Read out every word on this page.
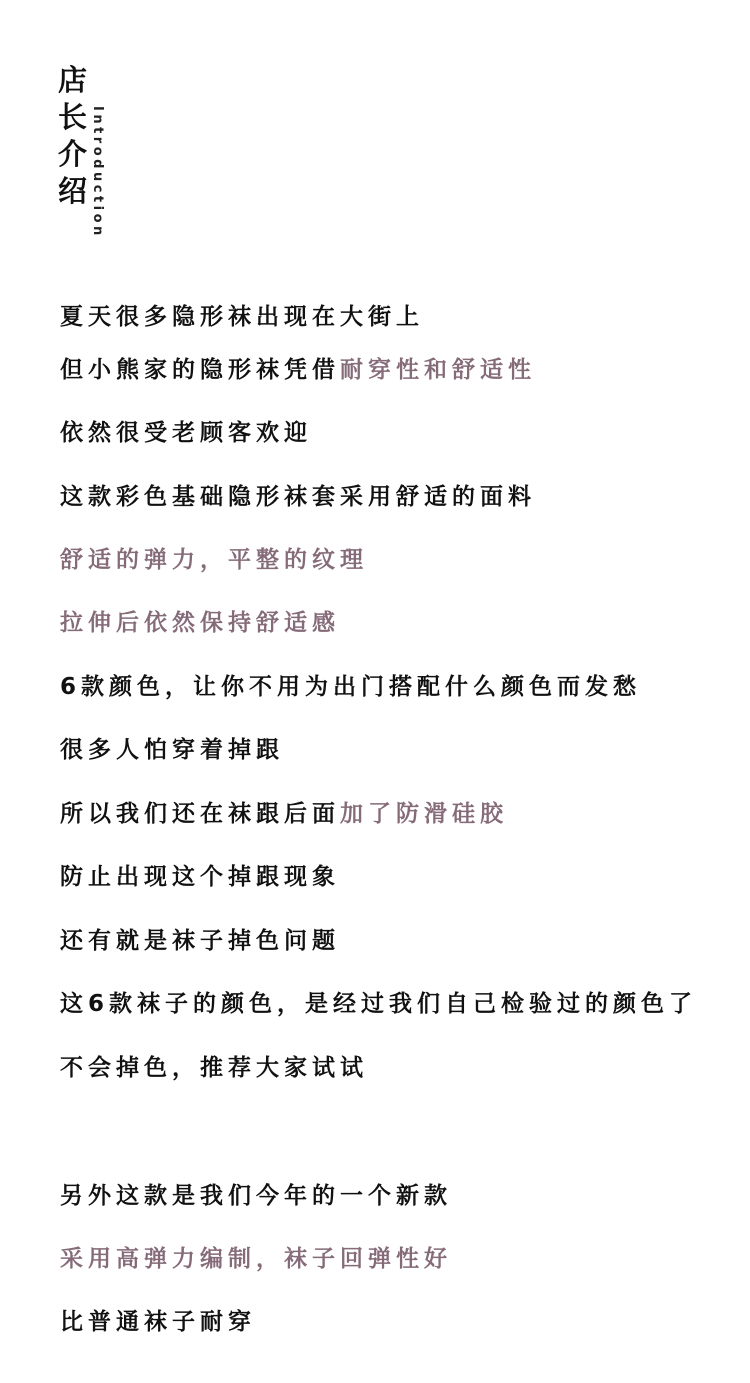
店
长
介
绍 Introduction
夏天很多隐形袜出现在大街上
但小熊家的隐形袜凭借耐穿性和舒适性
依然很受老顾客欢迎
这款彩色基础隐形袜套采用舒适的面料
舒适的弹力，平整的纹理
拉伸后依然保持舒适感
6款颜色，让你不用为出门搭配什么颜色而发愁
很多人怕穿着掉跟
所以我们还在袜跟后面加了防滑硅胶
防止出现这个掉跟现象
还有就是袜子掉色问题
这6款袜子的颜色，是经过我们自己检验过的颜色了
不会掉色，推荐大家试试
另外这款是我们今年的一个新款
采用高弹力编制，袜子回弹性好
比普通袜子耐穿
